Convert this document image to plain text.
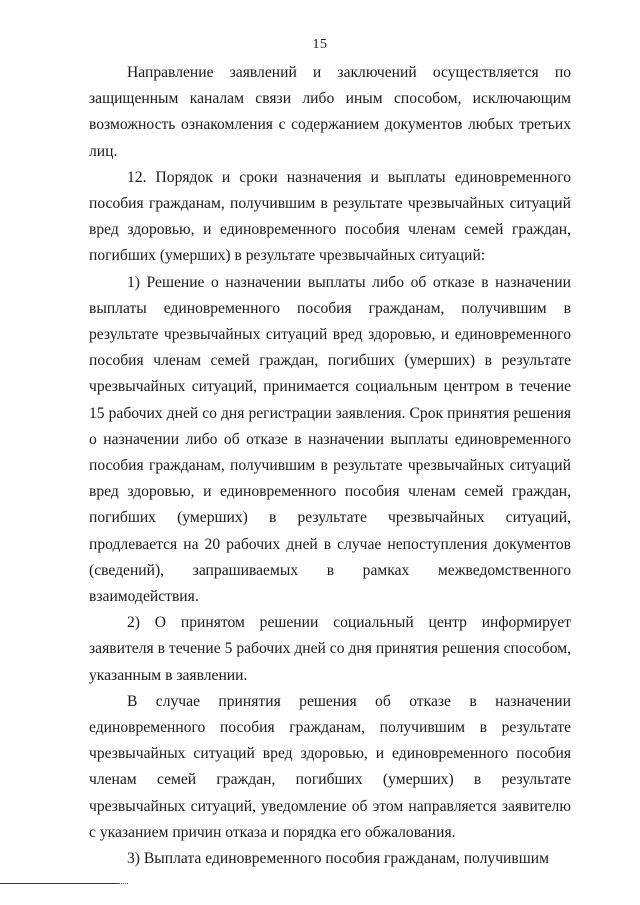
15

Направление заявлений и заключений осуществляется по защищенным каналам связи либо иным способом, исключающим возможность ознакомления с содержанием документов любых третьих лиц.

12. Порядок и сроки назначения и выплаты единовременного пособия гражданам, получившим в результате чрезвычайных ситуаций вред здоровью, и единовременного пособия членам семей граждан, погибших (умерших) в результате чрезвычайных ситуаций:

1) Решение о назначении выплаты либо об отказе в назначении выплаты единовременного пособия гражданам, получившим в результате чрезвычайных ситуаций вред здоровью, и единовременного пособия членам семей граждан, погибших (умерших) в результате чрезвычайных ситуаций, принимается социальным центром в течение 15 рабочих дней со дня регистрации заявления. Срок принятия решения о назначении либо об отказе в назначении выплаты единовременного пособия гражданам, получившим в результате чрезвычайных ситуаций вред здоровью, и единовременного пособия членам семей граждан, погибших (умерших) в результате чрезвычайных ситуаций, продлевается на 20 рабочих дней в случае непоступления документов (сведений), запрашиваемых в рамках межведомственного взаимодействия.

2) О принятом решении социальный центр информирует заявителя в течение 5 рабочих дней со дня принятия решения способом, указанным в заявлении.

В случае принятия решения об отказе в назначении единовременного пособия гражданам, получившим в результате чрезвычайных ситуаций вред здоровью, и единовременного пособия членам семей граждан, погибших (умерших) в результате чрезвычайных ситуаций, уведомление об этом направляется заявителю с указанием причин отказа и порядка его обжалования.

3) Выплата единовременного пособия гражданам, получившим
